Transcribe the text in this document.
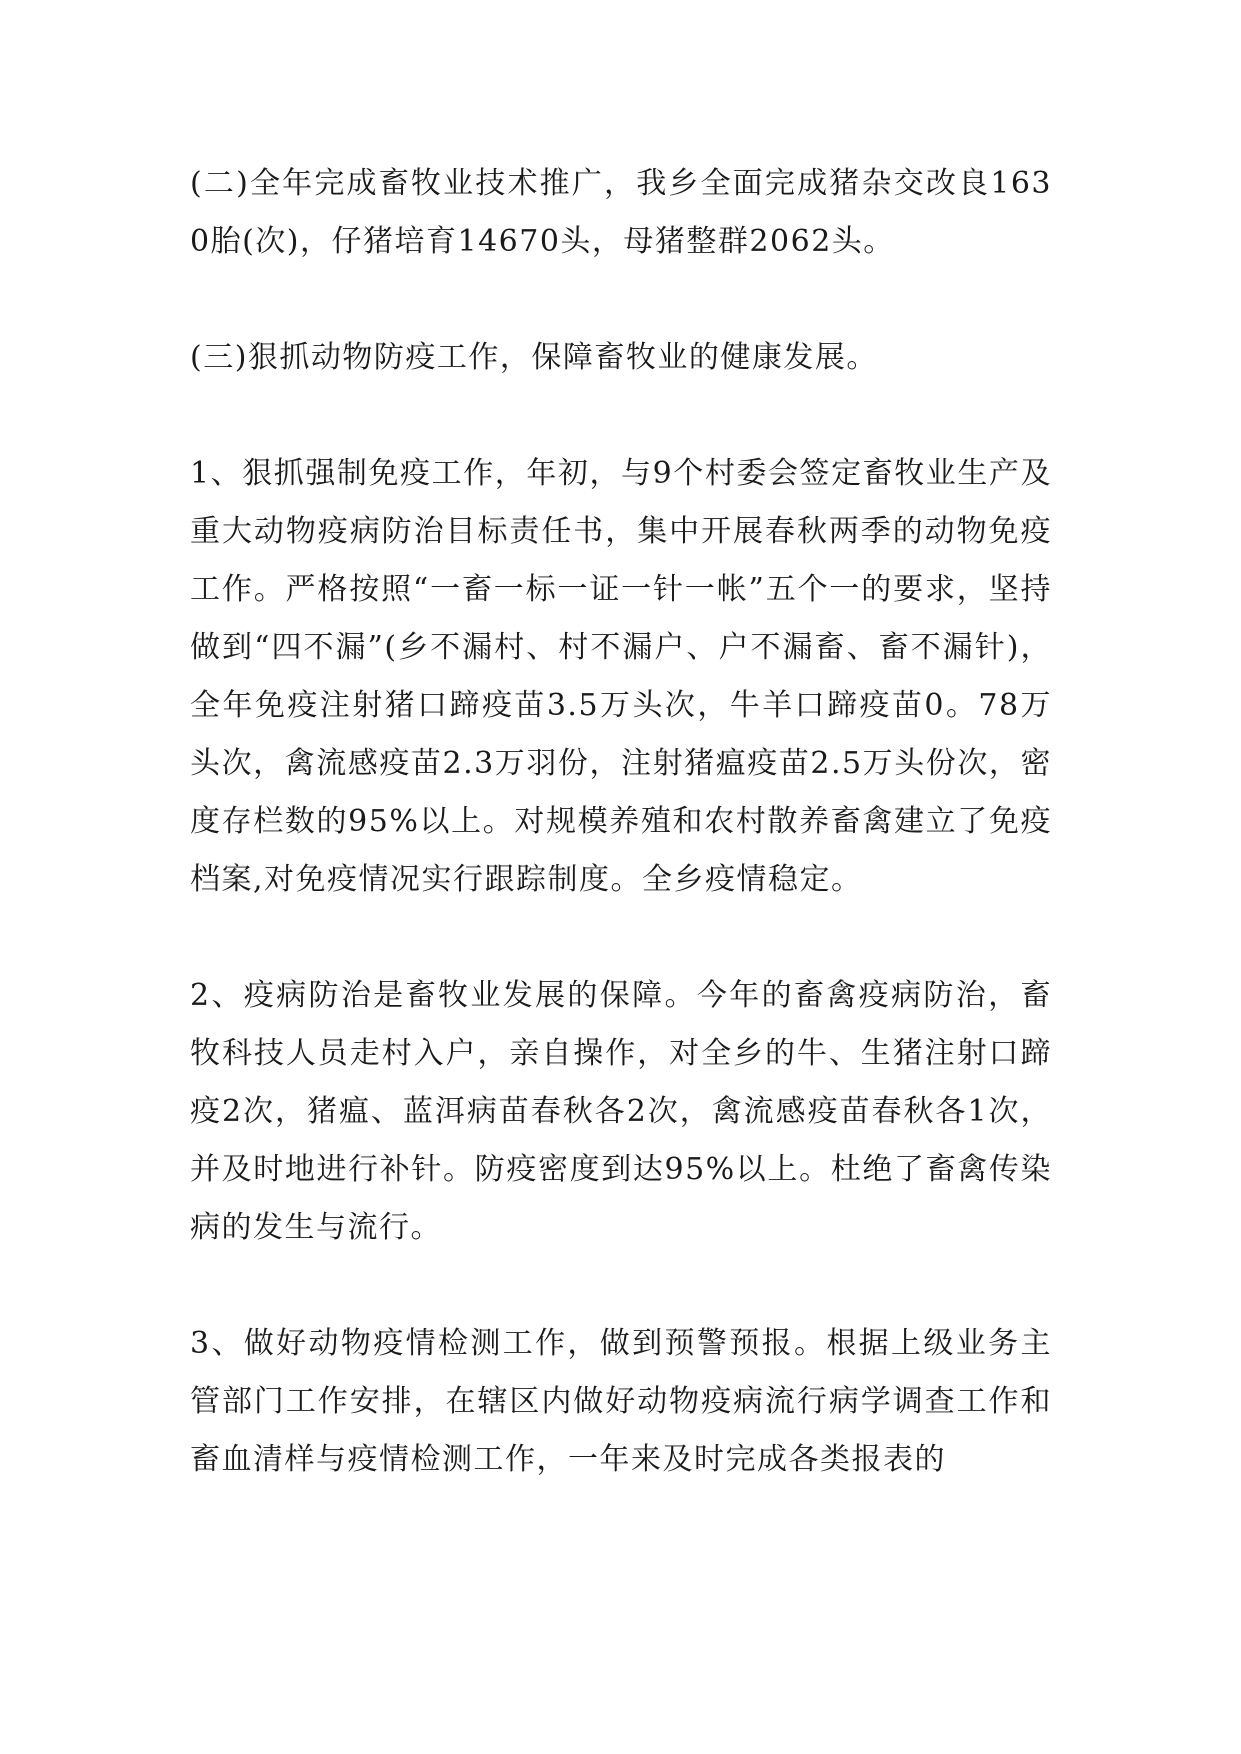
(二)全年完成畜牧业技术推广，我乡全面完成猪杂交改良1630胎(次)，仔猪培育14670头，母猪整群2062头。

(三)狠抓动物防疫工作，保障畜牧业的健康发展。

1、狠抓强制免疫工作，年初，与9个村委会签定畜牧业生产及重大动物疫病防治目标责任书，集中开展春秋两季的动物免疫工作。严格按照“一畜一标一证一针一帐”五个一的要求，坚持做到“四不漏”(乡不漏村、村不漏户、户不漏畜、畜不漏针)，全年免疫注射猪口蹄疫苗3.5万头次，牛羊口蹄疫苗0。78万头次，禽流感疫苗2.3万羽份，注射猪瘟疫苗2.5万头份次，密度存栏数的95%以上。对规模养殖和农村散养畜禽建立了免疫档案,对免疫情况实行跟踪制度。全乡疫情稳定。

2、疫病防治是畜牧业发展的保障。今年的畜禽疫病防治，畜牧科技人员走村入户，亲自操作，对全乡的牛、生猪注射口蹄疫2次，猪瘟、蓝洱病苗春秋各2次，禽流感疫苗春秋各1次，并及时地进行补针。防疫密度到达95%以上。杜绝了畜禽传染病的发生与流行。

3、做好动物疫情检测工作，做到预警预报。根据上级业务主管部门工作安排，在辖区内做好动物疫病流行病学调查工作和畜血清样与疫情检测工作，一年来及时完成各类报表的
